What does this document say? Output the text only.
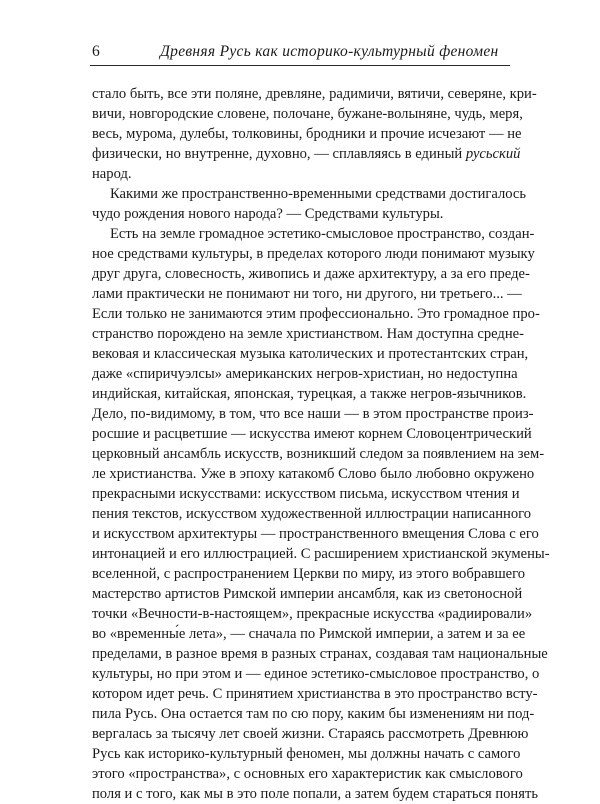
6	Древняя Русь как историко-культурный феномен
стало быть, все эти поляне, древляне, радимичи, вятичи, северяне, кри-
вичи, новгородские словене, полочане, бужане-волыняне, чудь, меря,
весь, мурома, дулебы, толковины, бродники и прочие исчезают — не
физически, но внутренне, духовно, — сплавляясь в единый русьский
народ.
Какими же пространственно-временными средствами достигалось
чудо рождения нового народа? — Средствами культуры.
Есть на земле громадное эстетико-смысловое пространство, создан-
ное средствами культуры, в пределах которого люди понимают музыку
друг друга, словесность, живопись и даже архитектуру, а за его преде-
лами практически не понимают ни того, ни другого, ни третьего... —
Если только не занимаются этим профессионально. Это громадное про-
странство порождено на земле христианством. Нам доступна средне-
вековая и классическая музыка католических и протестантских стран,
даже «спиричуэлсы» американских негров-христиан, но недоступна
индийская, китайская, японская, турецкая, а также негров-язычников.
Дело, по-видимому, в том, что все наши — в этом пространстве произ-
росшие и расцветшие — искусства имеют корнем Словоцентрический
церковный ансамбль искусств, возникший следом за появлением на зем-
ле христианства. Уже в эпоху катакомб Слово было любовно окружено
прекрасными искусствами: искусством письма, искусством чтения и
пения текстов, искусством художественной иллюстрации написанного
и искусством архитектуры — пространственного вмещения Слова с его
интонацией и его иллюстрацией. С расширением христианской экумены-
вселенной, с распространением Церкви по миру, из этого вобравшего
мастерство артистов Римской империи ансамбля, как из светоносной
точки «Вечности-в-настоящем», прекрасные искусства «радиировали»
во «временны́е лета», — сначала по Римской империи, а затем и за ее
пределами, в разное время в разных странах, создавая там национальные
культуры, но при этом и — единое эстетико-смысловое пространство, о
котором идет речь. С принятием христианства в это пространство всту-
пила Русь. Она остается там по сю пору, каким бы изменениям ни под-
вергалась за тысячу лет своей жизни. Стараясь рассмотреть Древнюю
Русь как историко-культурный феномен, мы должны начать с самого
этого «пространства», с основных его характеристик как смыслового
поля и с того, как мы в это поле попали, а затем будем стараться понять
